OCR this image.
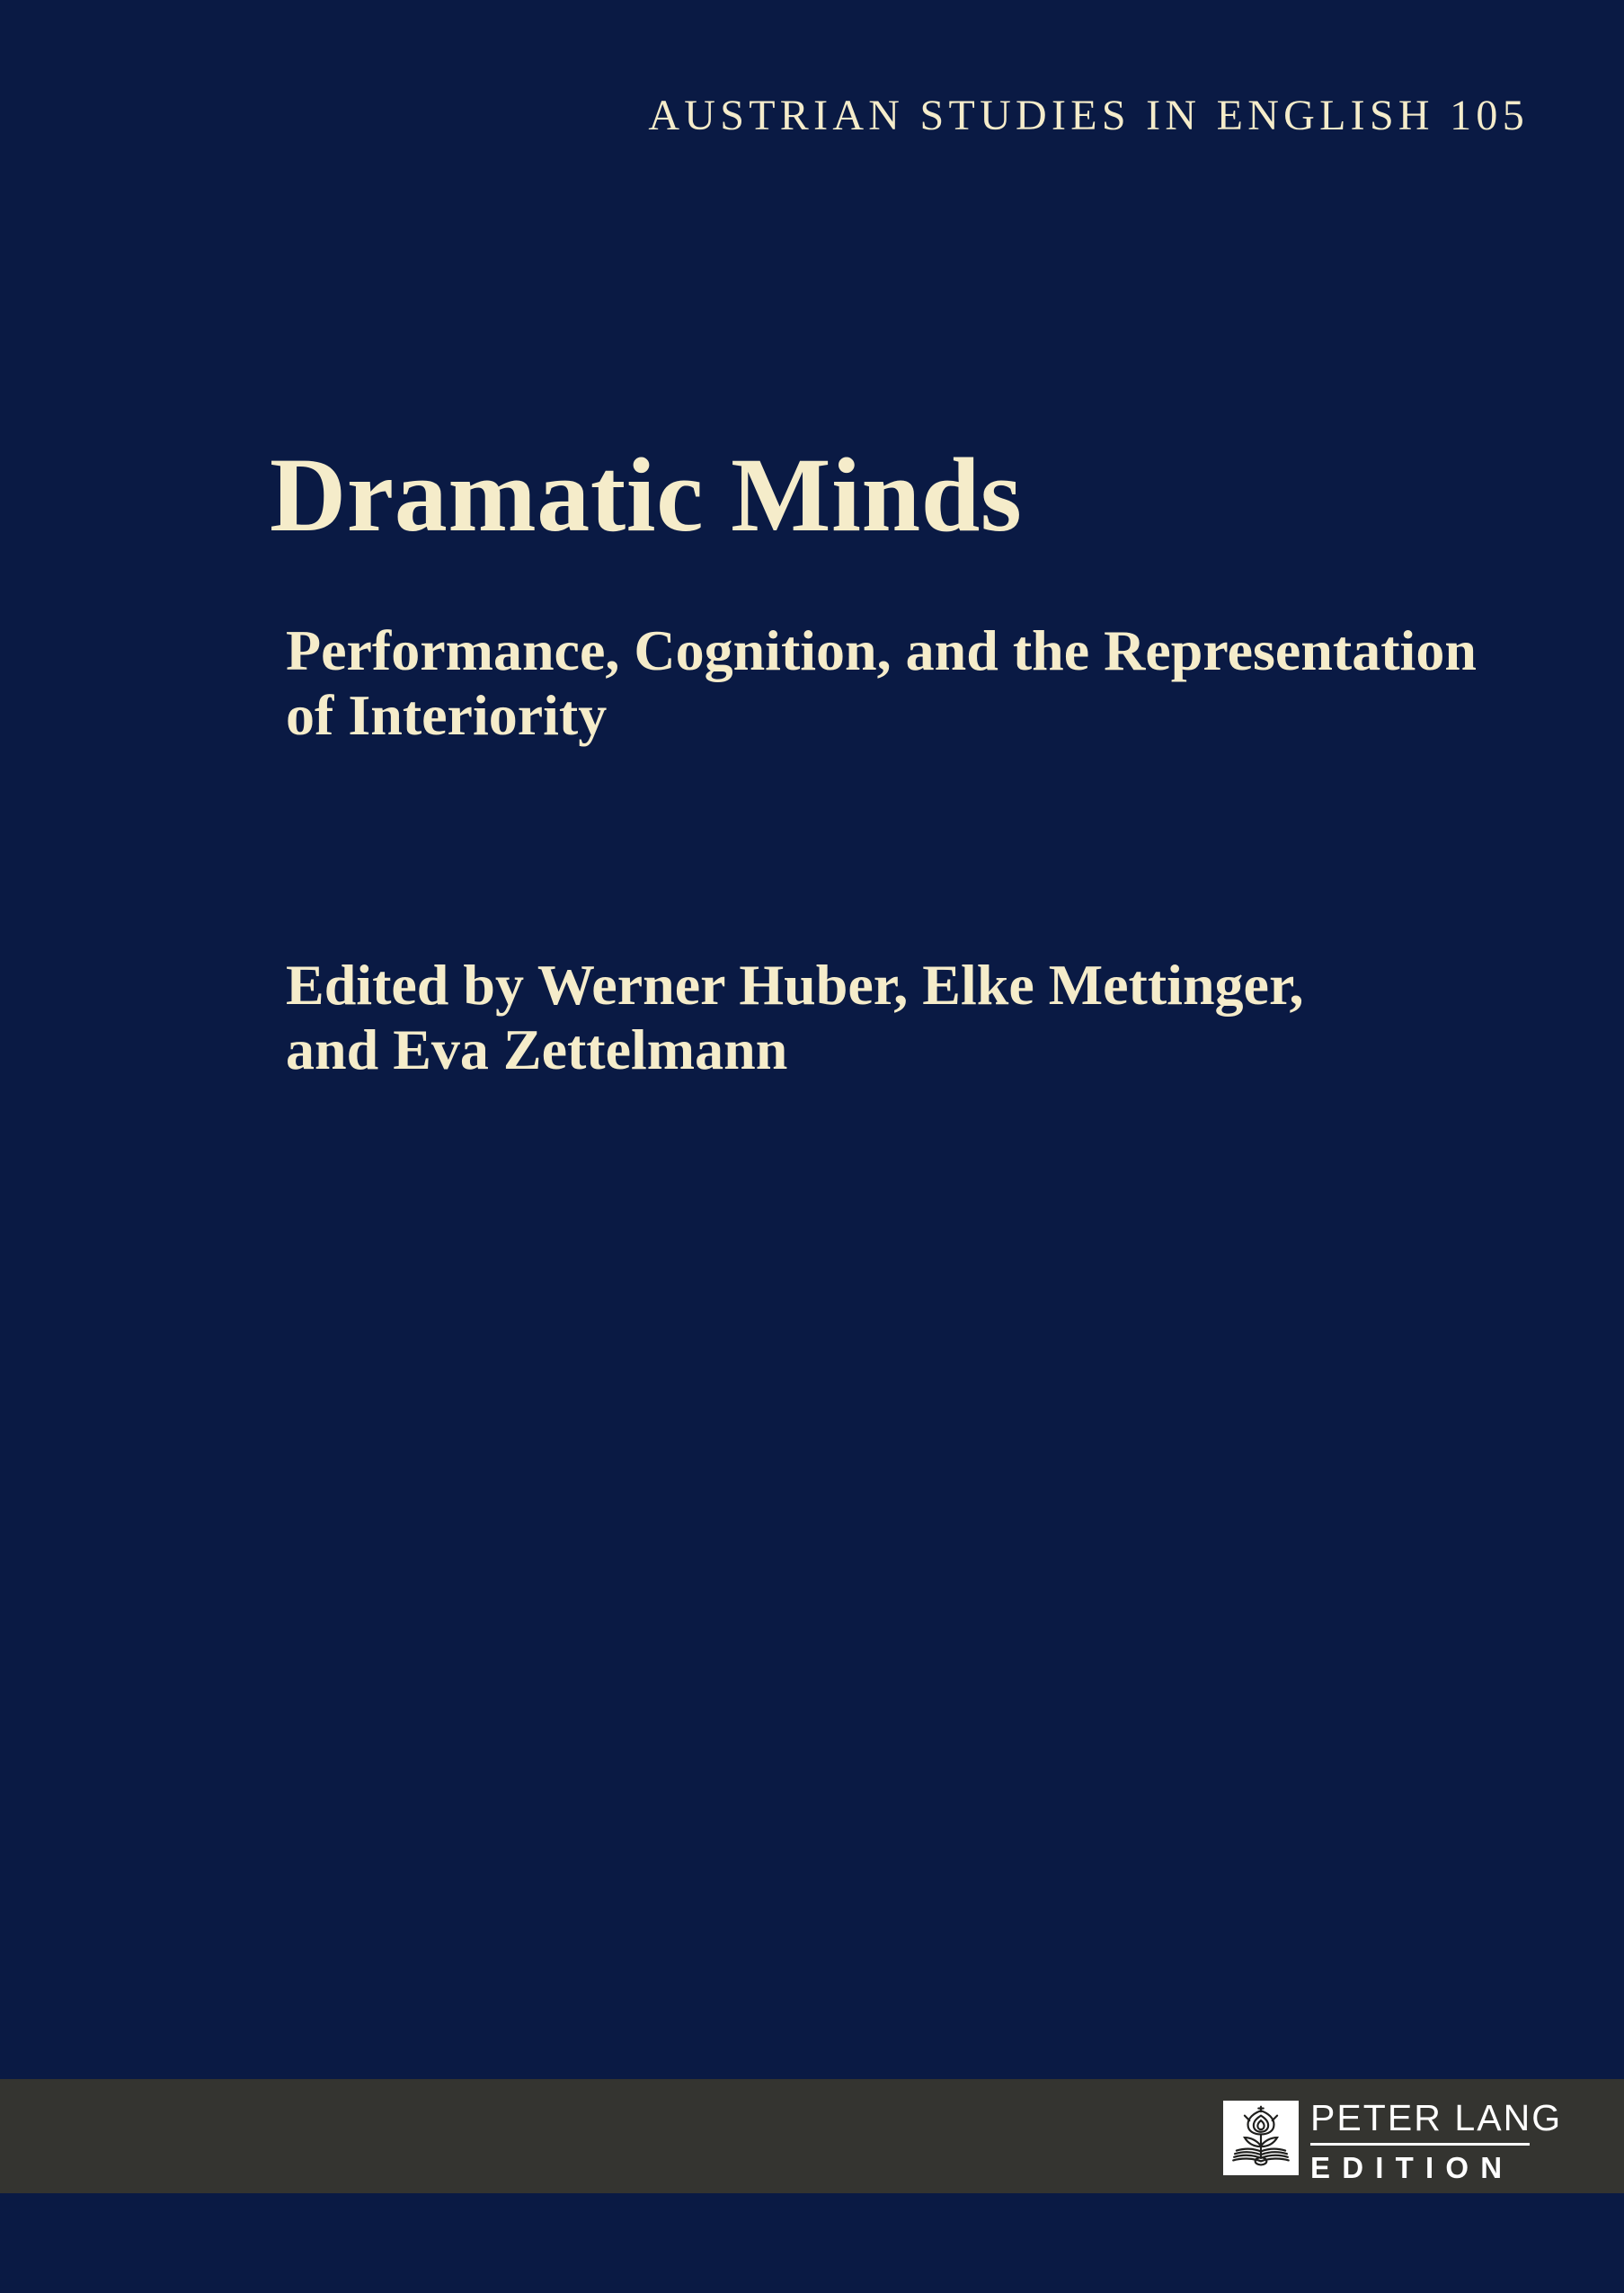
AUSTRIAN STUDIES IN ENGLISH 105
Dramatic Minds
Performance, Cognition, and the Representation
of Interiority
Edited by Werner Huber, Elke Mettinger,
and Eva Zettelmann
PETER LANG
EDITION
